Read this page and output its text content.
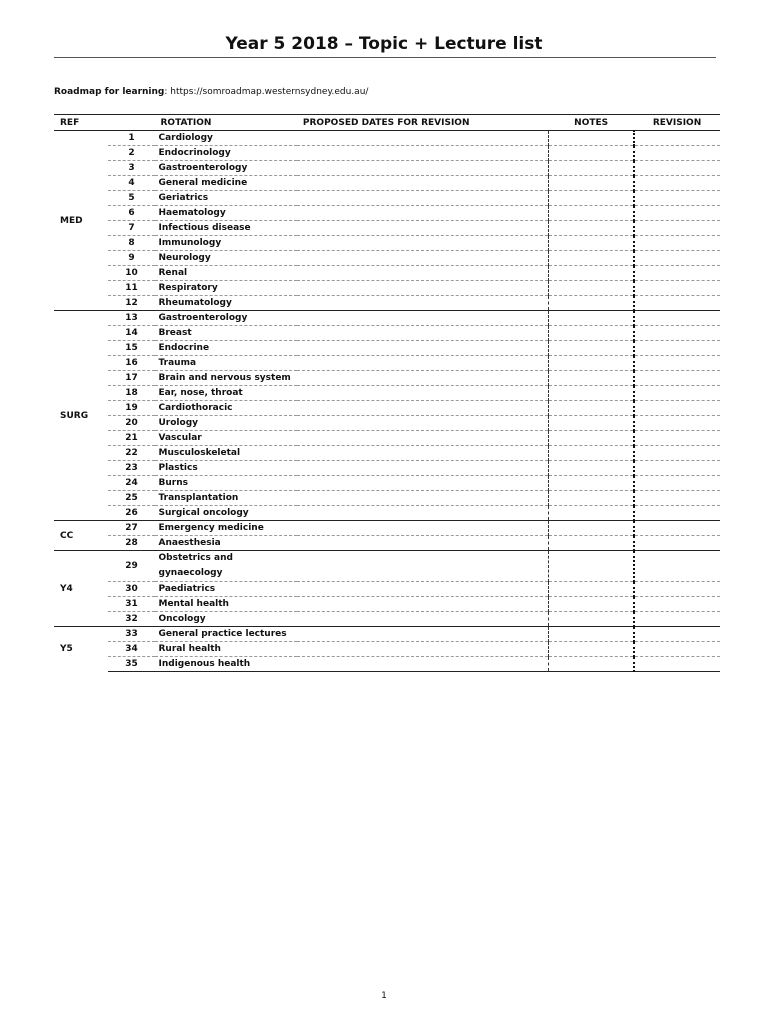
Year 5 2018 – Topic + Lecture list
Roadmap for learning: https://somroadmap.westernsydney.edu.au/
REF		ROTATION	PROPOSED DATES FOR REVISION	NOTES	REVISION
MED	1	Cardiology			
	2	Endocrinology			
	3	Gastroenterology			
	4	General medicine			
	5	Geriatrics			
	6	Haematology			
	7	Infectious disease			
	8	Immunology			
	9	Neurology			
	10	Renal			
	11	Respiratory			
	12	Rheumatology			
SURG	13	Gastroenterology			
	14	Breast			
	15	Endocrine			
	16	Trauma			
	17	Brain and nervous system			
	18	Ear, nose, throat			
	19	Cardiothoracic			
	20	Urology			
	21	Vascular			
	22	Musculoskeletal			
	23	Plastics			
	24	Burns			
	25	Transplantation			
	26	Surgical oncology			
CC	27	Emergency medicine			
	28	Anaesthesia			
Y4	29	Obstetrics and
gynaecology			

	30	Paediatrics			
	31	Mental health			
	32	Oncology			
Y5	33	General practice lectures			
	34	Rural health			
	35	Indigenous health			
1
